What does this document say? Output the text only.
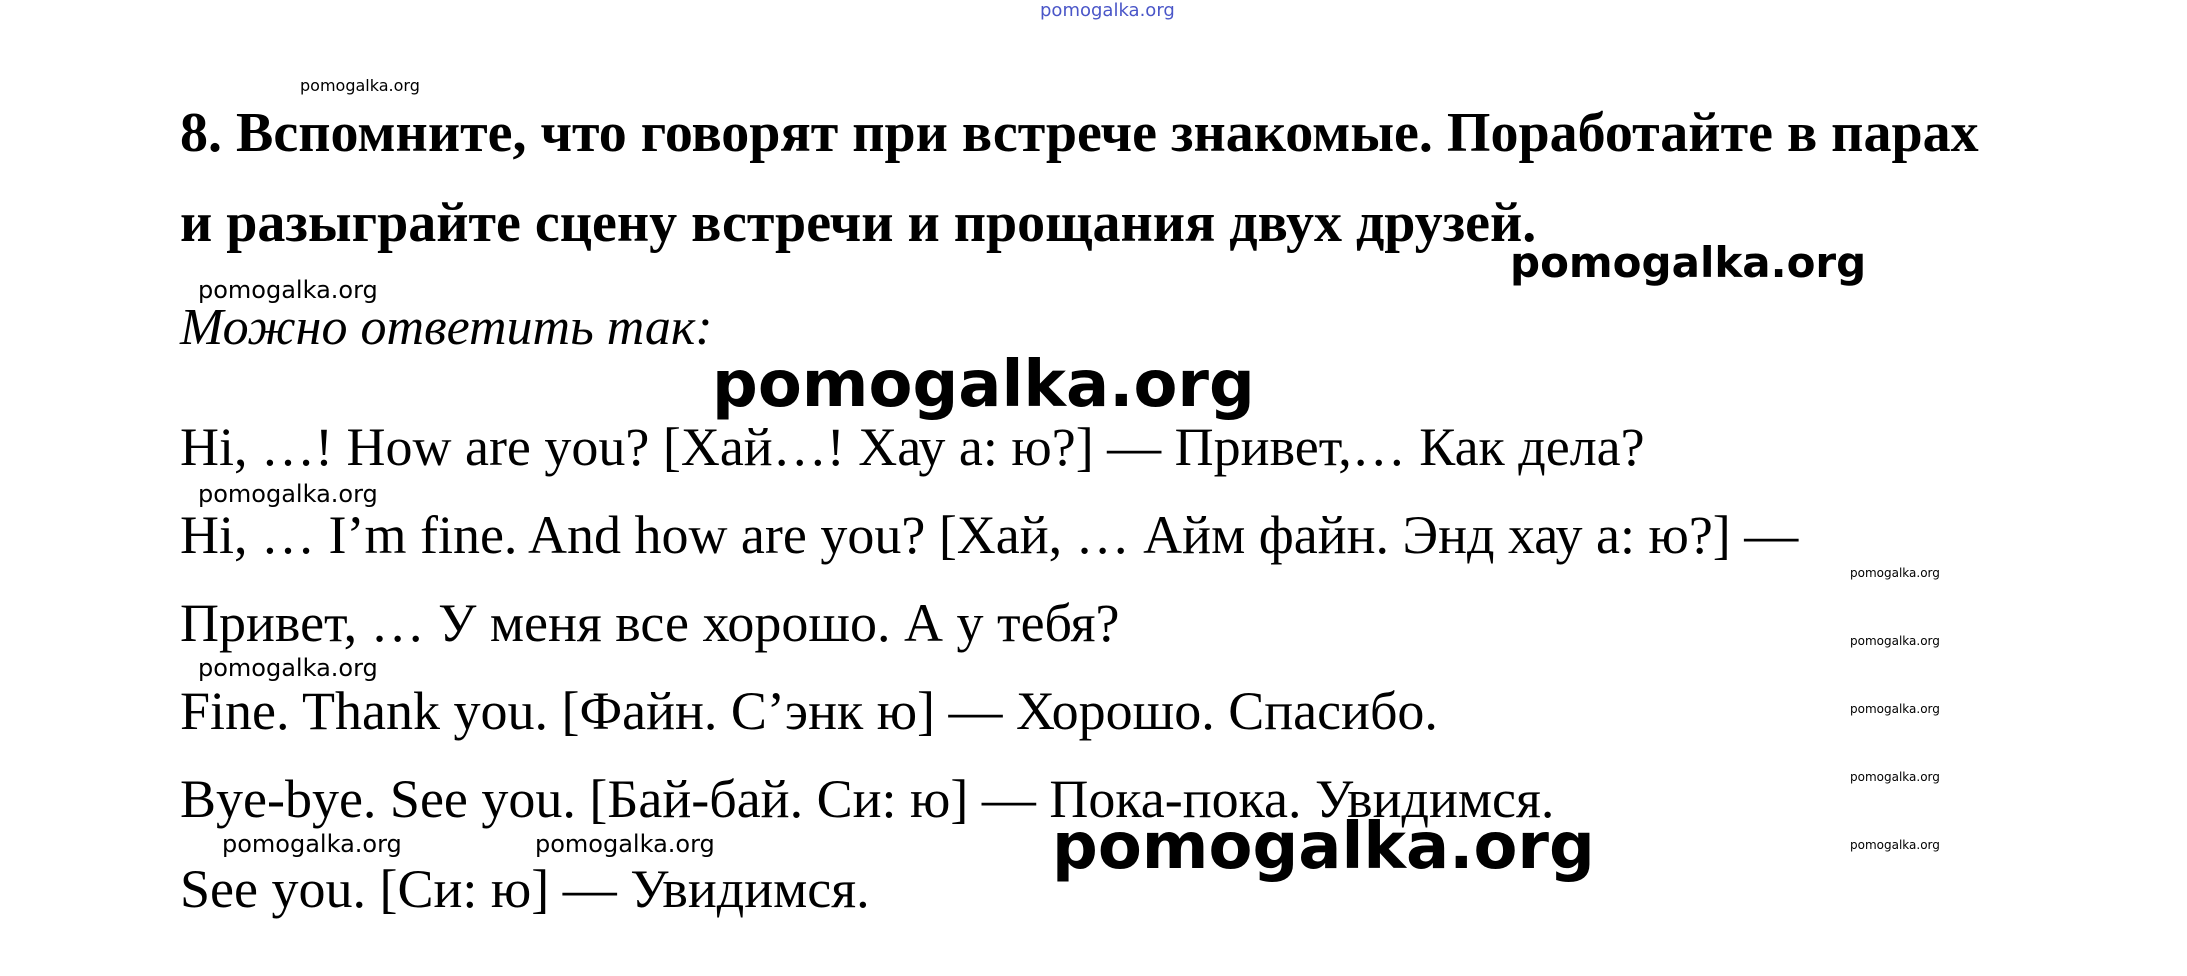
pomogalka.org
pomogalka.org
pomogalka.org
pomogalka.org
pomogalka.org
pomogalka.org
pomogalka.org
pomogalka.org
pomogalka.org
pomogalka.org
pomogalka.org
pomogalka.org	pomogalka.org	pomogalka.org	pomogalka.org
8. Вспомните, что говорят при встрече знакомые. Поработайте в парах и разыграйте сцену встречи и прощания двух друзей.
Можно ответить так:
Hi, …! How are you? [Хай…! Хау а: ю?] — Привет,… Как дела?
Hi, … I’m fine. And how are you? [Хай, … Айм файн. Энд хау а: ю?] —
Привет, … У меня все хорошо. А у тебя?
Fine. Thank you. [Файн. С’энк ю] — Хорошо. Спасибо.
Bye-bye. See you. [Бай-бай. Си: ю] — Пока-пока. Увидимся.
See you. [Си: ю] — Увидимся.
